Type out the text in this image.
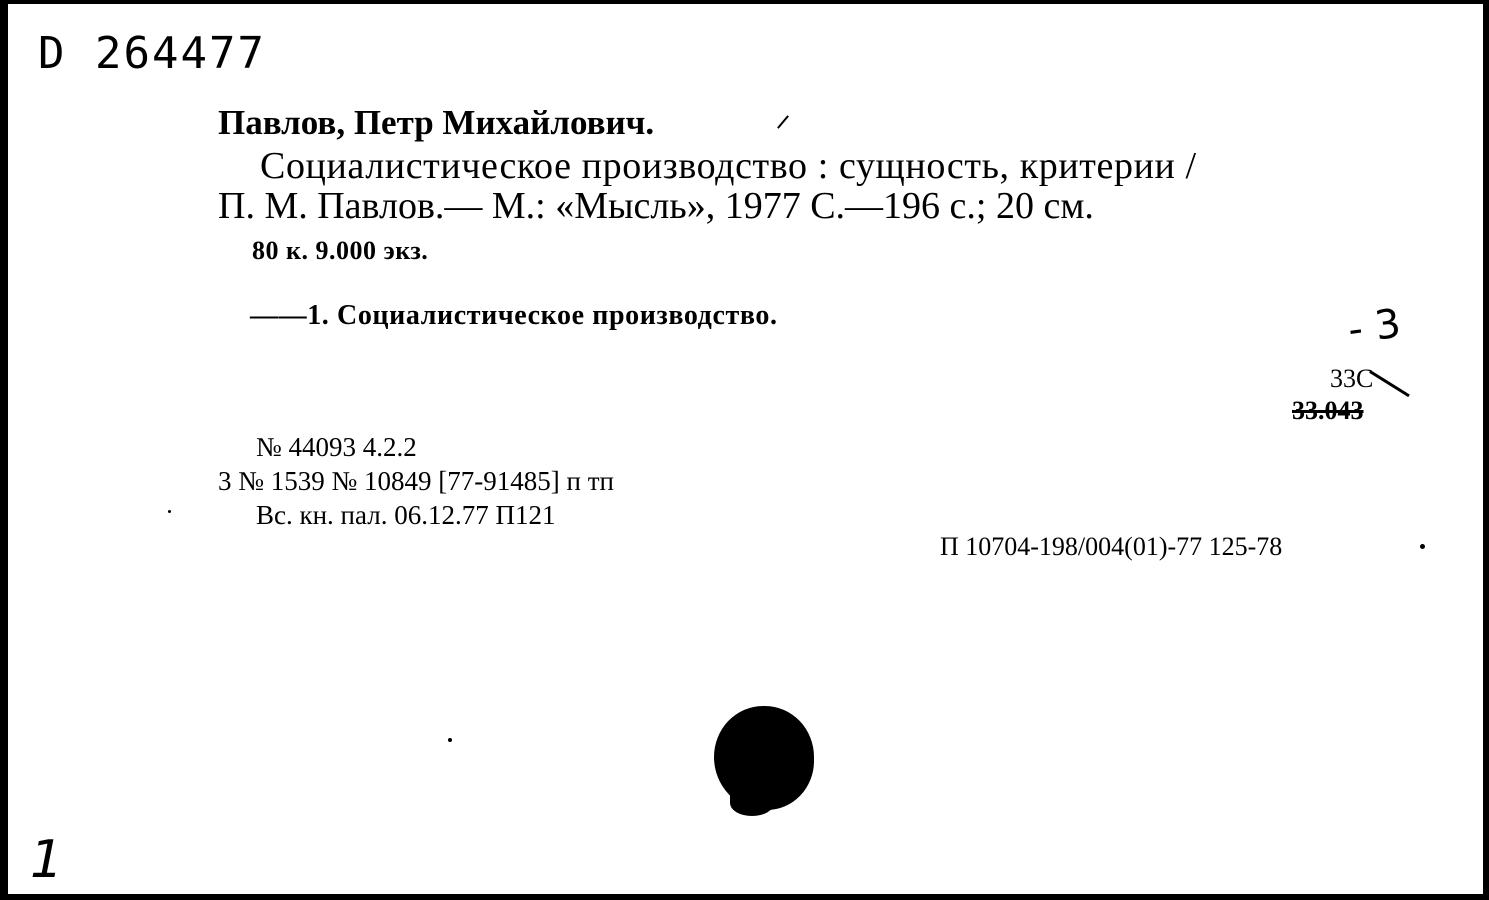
D 264477
Павлов, Петр Михайлович.
Социалистическое производство : сущность, критерии /
П. М. Павлов.— М.: «Мысль», 1977 С.—196 с.; 20 см.
80 к. 9.000 экз.
——1. Социалистическое производство.	- 3
33С
33.043
№ 44093 4.2.2
3 № 1539 № 10849 [77-91485] п тп
Вс. кн. пал. 06.12.77 П121
П 10704-198/004(01)-77 125-78
1
